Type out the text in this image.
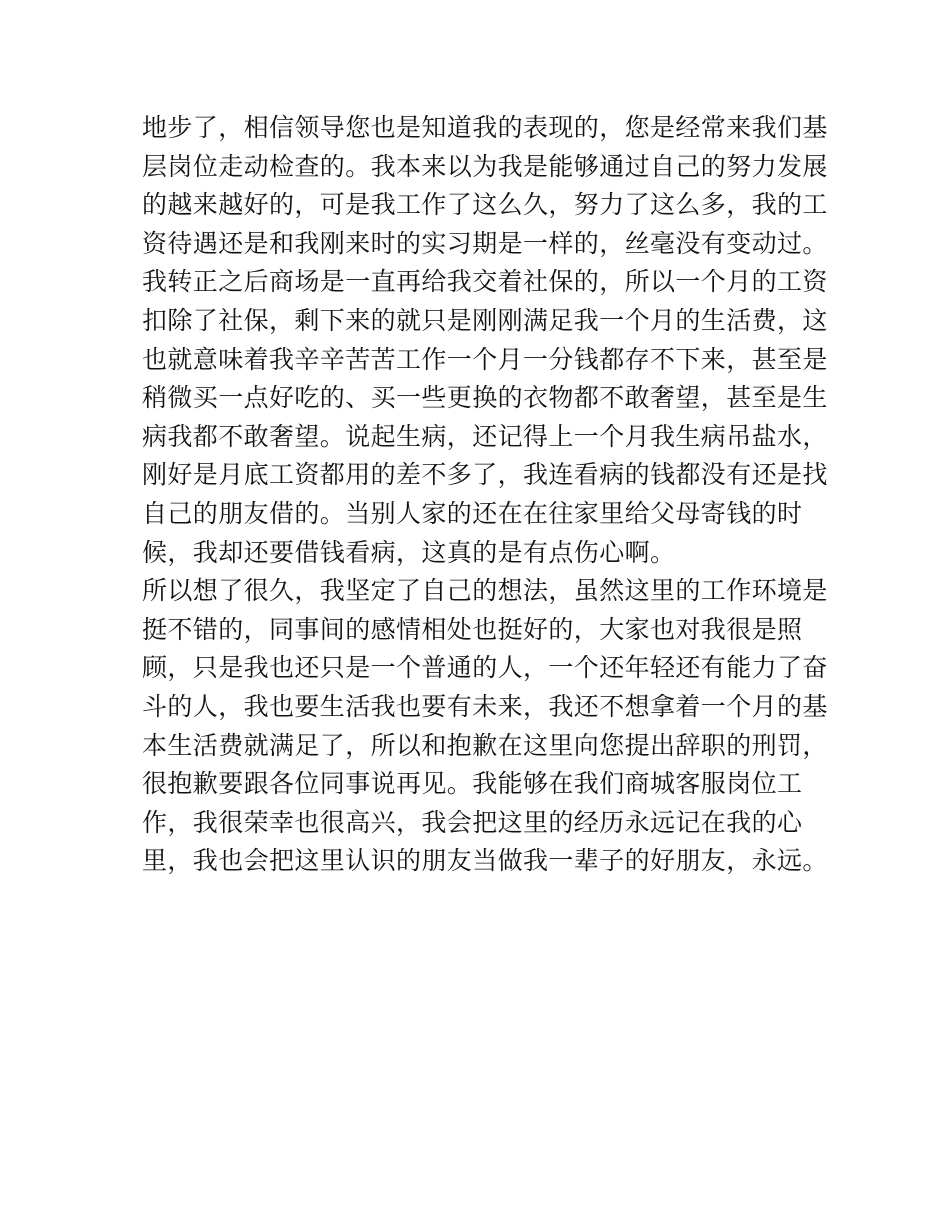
地步了，相信领导您也是知道我的表现的，您是经常来我们基
层岗位走动检查的。我本来以为我是能够通过自己的努力发展
的越来越好的，可是我工作了这么久，努力了这么多，我的工
资待遇还是和我刚来时的实习期是一样的，丝毫没有变动过。
我转正之后商场是一直再给我交着社保的，所以一个月的工资
扣除了社保，剩下来的就只是刚刚满足我一个月的生活费，这
也就意味着我辛辛苦苦工作一个月一分钱都存不下来，甚至是
稍微买一点好吃的、买一些更换的衣物都不敢奢望，甚至是生
病我都不敢奢望。说起生病，还记得上一个月我生病吊盐水，
刚好是月底工资都用的差不多了，我连看病的钱都没有还是找
自己的朋友借的。当别人家的还在在往家里给父母寄钱的时
候，我却还要借钱看病，这真的是有点伤心啊。
所以想了很久，我坚定了自己的想法，虽然这里的工作环境是
挺不错的，同事间的感情相处也挺好的，大家也对我很是照
顾，只是我也还只是一个普通的人，一个还年轻还有能力了奋
斗的人，我也要生活我也要有未来，我还不想拿着一个月的基
本生活费就满足了，所以和抱歉在这里向您提出辞职的刑罚，
很抱歉要跟各位同事说再见。我能够在我们商城客服岗位工
作，我很荣幸也很高兴，我会把这里的经历永远记在我的心
里，我也会把这里认识的朋友当做我一辈子的好朋友，永远。
